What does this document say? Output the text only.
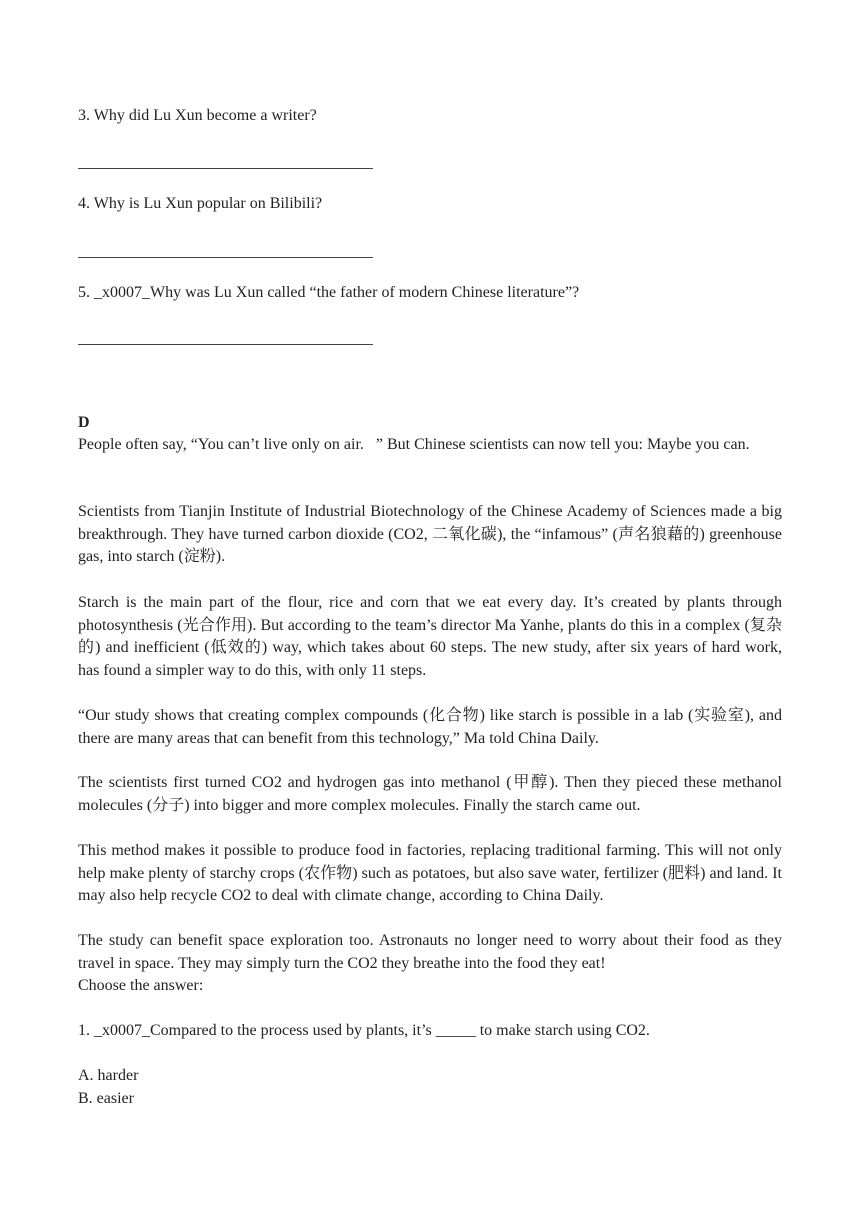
3. Why did Lu Xun become a writer?

4. Why is Lu Xun popular on Bilibili?

5. _x0007_Why was Lu Xun called “the father of modern Chinese literature”?

D

People often say, “You can’t live only on air.   ” But Chinese scientists can now tell you: Maybe you can.

Scientists from Tianjin Institute of Industrial Biotechnology of the Chinese Academy of Sciences made a big breakthrough. They have turned carbon dioxide (CO2, 二氧化碳), the “infamous” (声名狼藉的) greenhouse gas, into starch (淀粉).

Starch is the main part of the flour, rice and corn that we eat every day. It’s created by plants through photosynthesis (光合作用). But according to the team’s director Ma Yanhe, plants do this in a complex (复杂的) and inefficient (低效的) way, which takes about 60 steps. The new study, after six years of hard work, has found a simpler way to do this, with only 11 steps.

“Our study shows that creating complex compounds (化合物) like starch is possible in a lab (实验室), and there are many areas that can benefit from this technology,” Ma told China Daily.

The scientists first turned CO2 and hydrogen gas into methanol (甲醇). Then they pieced these methanol molecules (分子) into bigger and more complex molecules. Finally the starch came out.

This method makes it possible to produce food in factories, replacing traditional farming. This will not only help make plenty of starchy crops (农作物) such as potatoes, but also save water, fertilizer (肥料) and land. It may also help recycle CO2 to deal with climate change, according to China Daily.

The study can benefit space exploration too. Astronauts no longer need to worry about their food as they travel in space. They may simply turn the CO2 they breathe into the food they eat!

Choose the answer:

1. _x0007_Compared to the process used by plants, it’s _____ to make starch using CO2.

A. harder

B. easier
